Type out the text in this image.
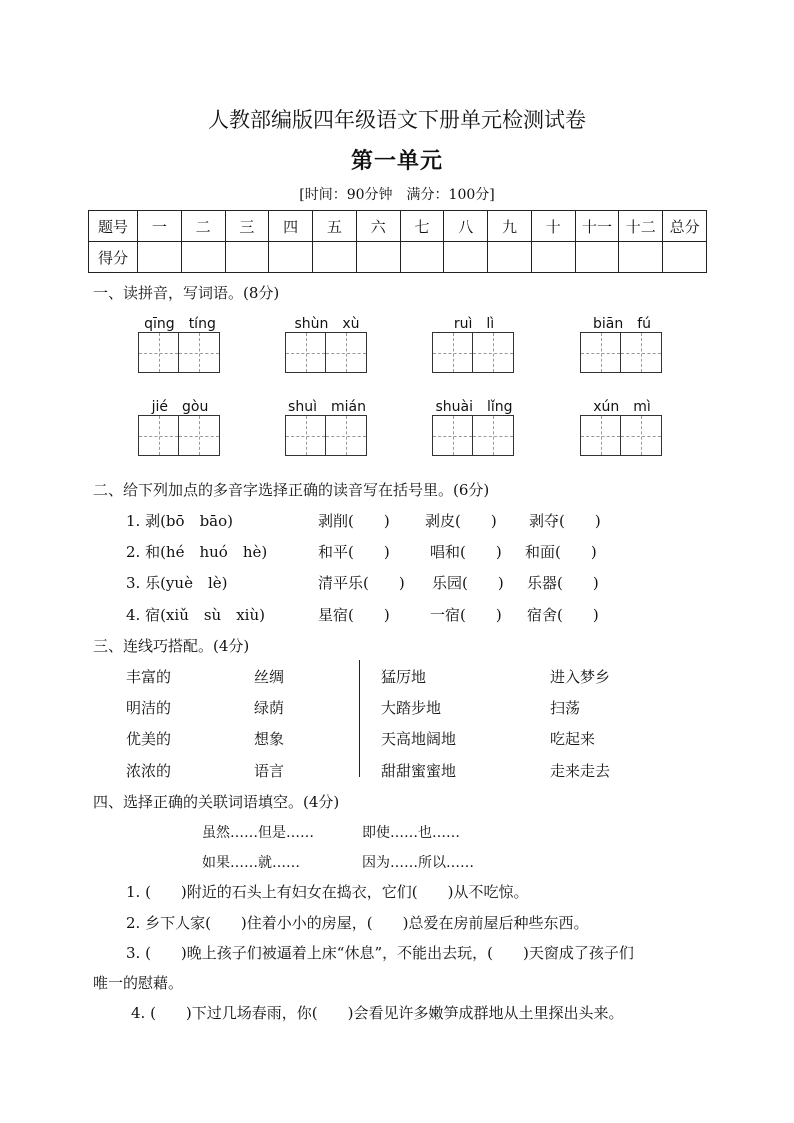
人教部编版四年级语文下册单元检测试卷
第一单元
[时间：90分钟　满分：100分]
题号	一	二	三	四	五	六	七	八	九	十	十一	十二	总分
得分													
一、读拼音，写词语。(8分)
qīng　tíng	shùn　xù	ruì　lì	biān　fú
jié　gòu	shuì　mián	shuài　lǐng	xún　mì
二、给下列加点的多音字选择正确的读音写在括号里。(6分)
1. 剥(bō　bāo)	剥削(　　) 剥皮(　　) 剥夺(　　)
2. 和(hé　huó　hè)	和平(　　)	唱和(　　) 和面(　　)
3. 乐(yuè　lè)	清平乐(　　) 乐园(　　) 乐器(　　)
4. 宿(xiǔ　sù　xiù)	星宿(　　)	一宿(　　) 宿舍(　　)
三、连线巧搭配。(4分)
丰富的	丝绸	猛厉地	进入梦乡
明洁的	绿荫	大踏步地	扫荡
优美的	想象	天高地阔地	吃起来
浓浓的	语言	甜甜蜜蜜地	走来走去
四、选择正确的关联词语填空。(4分)
虽然……但是……	即使……也……
如果……就……	因为……所以……
1. (　　)附近的石头上有妇女在捣衣，它们(　　)从不吃惊。
2. 乡下人家(　　)住着小小的房屋，(　　)总爱在房前屋后种些东西。
3. (　　)晚上孩子们被逼着上床“休息”，不能出去玩，(　　)天窗成了孩子们
唯一的慰藉。
4. (　　)下过几场春雨，你(　　)会看见许多嫩笋成群地从土里探出头来。
